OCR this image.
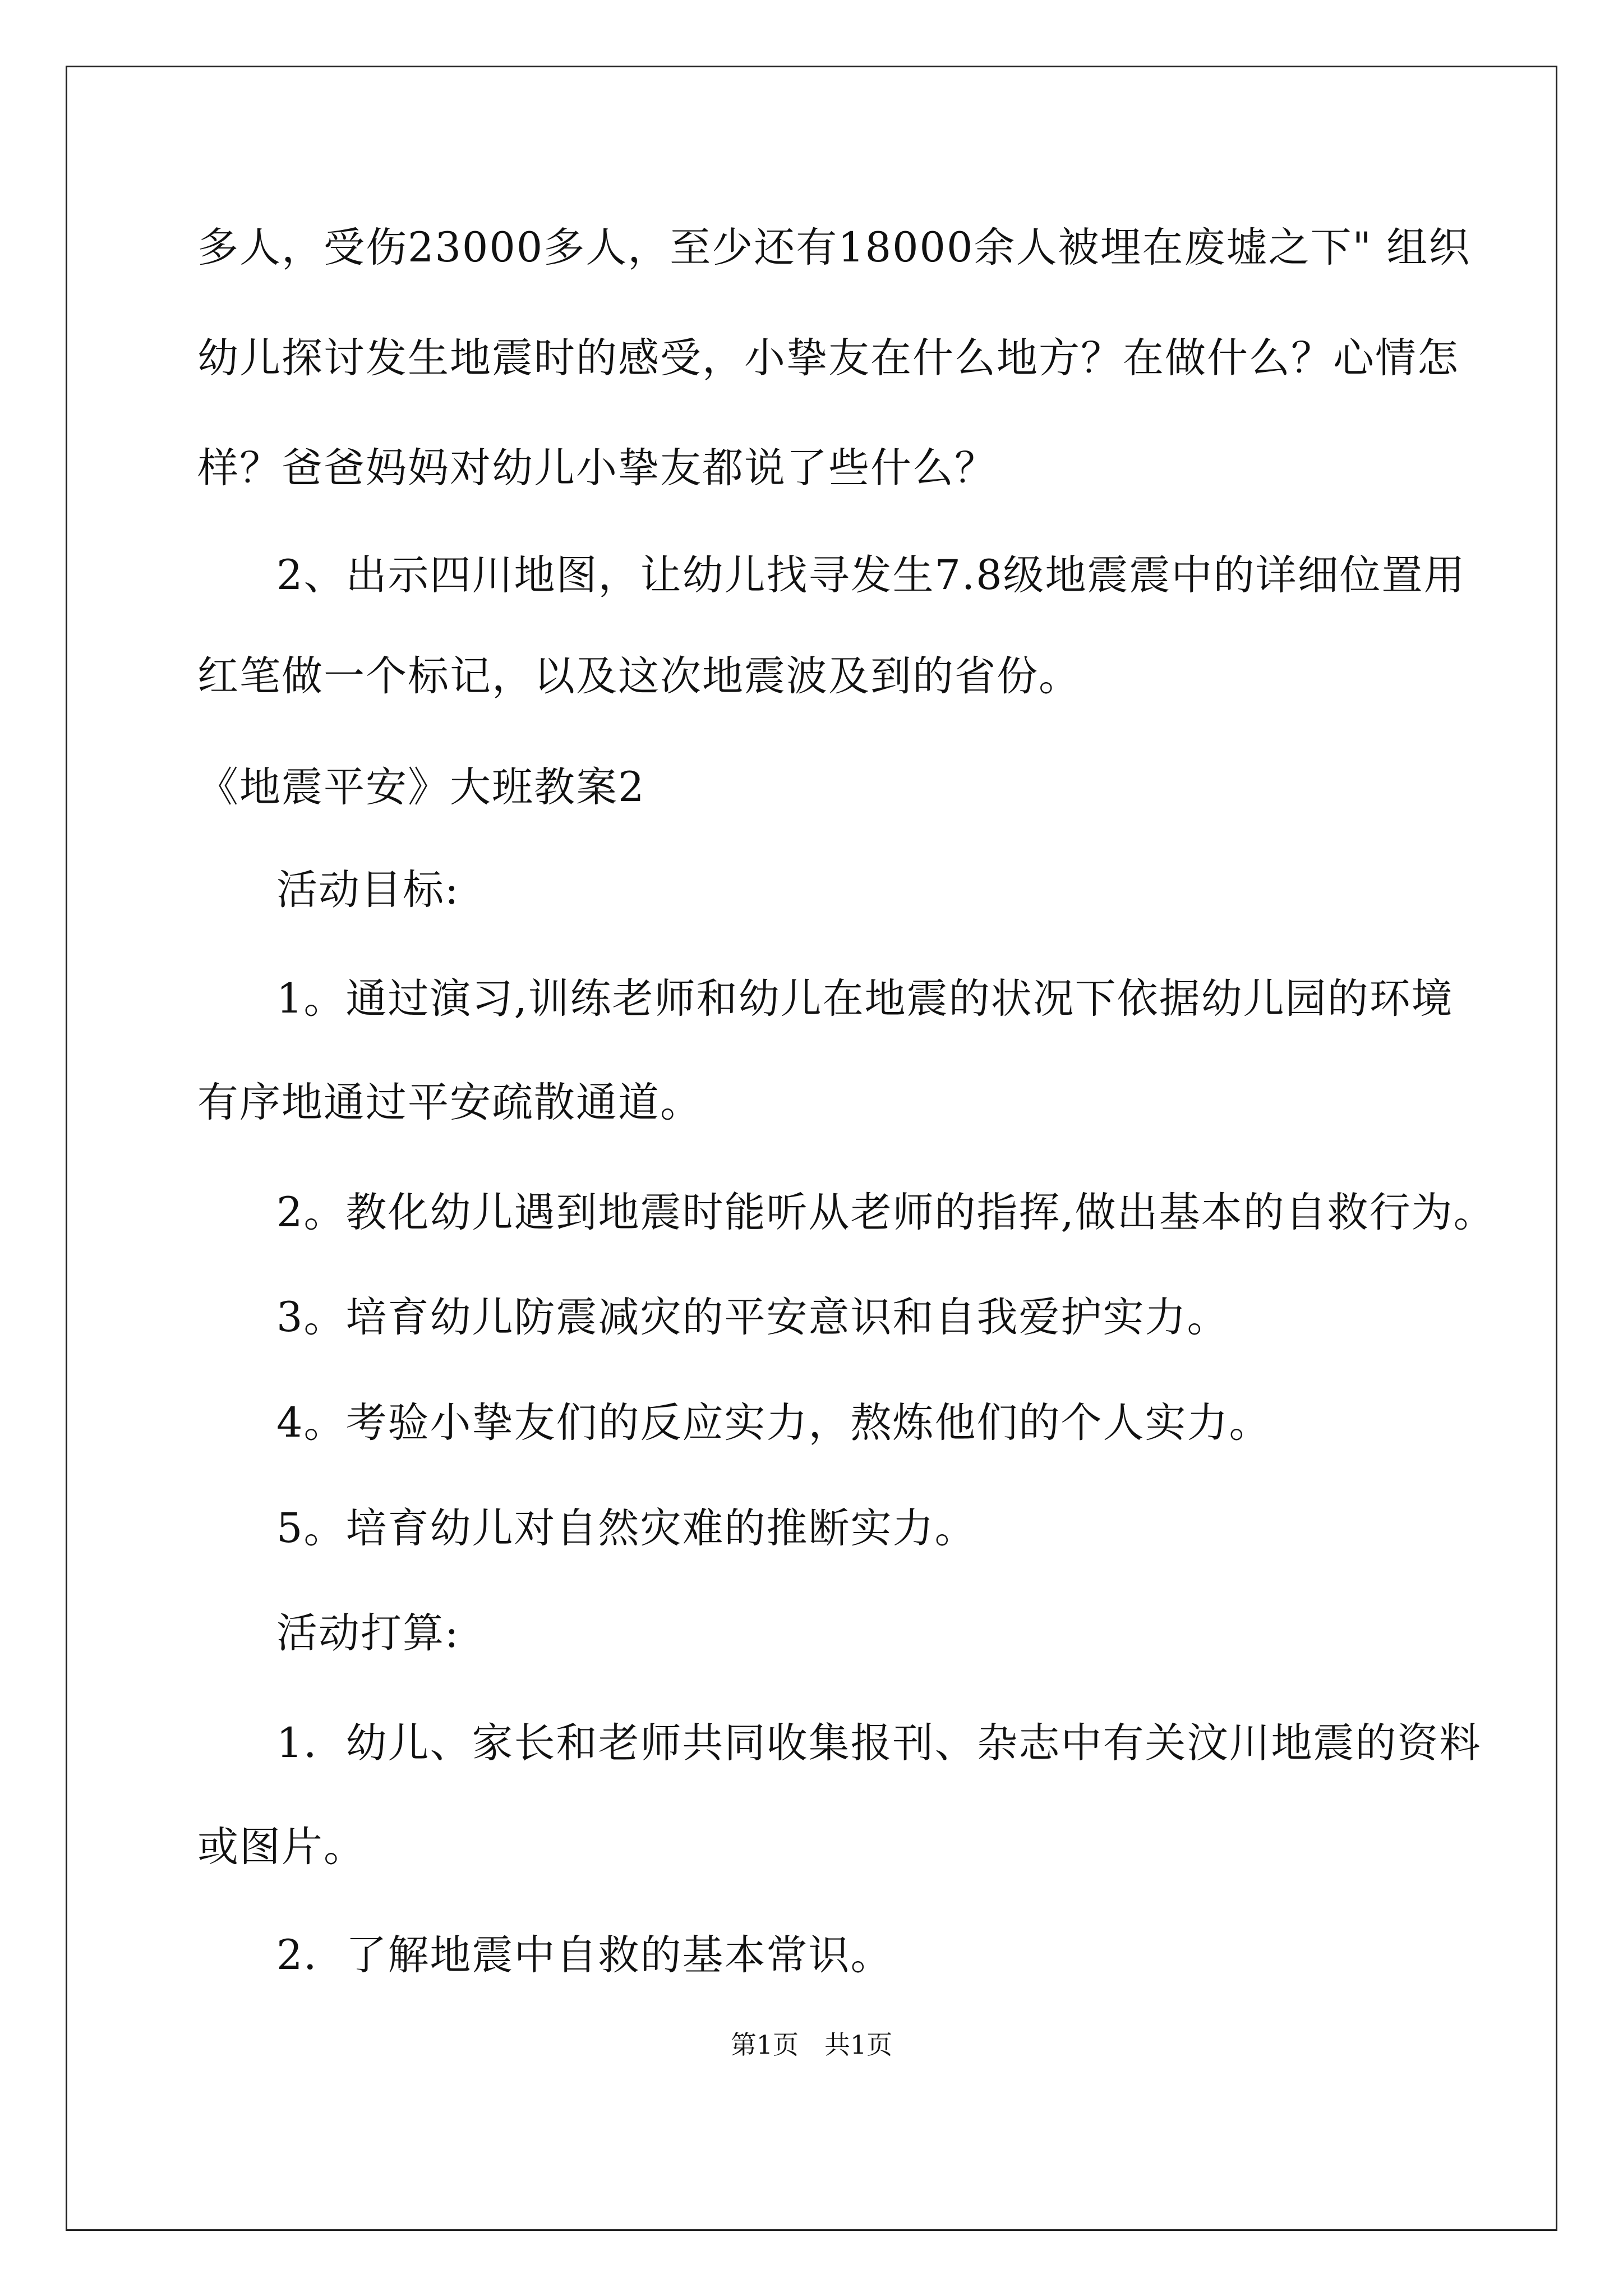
多人，受伤23000多人，至少还有18000余人被埋在废墟之下" 组织

幼儿探讨发生地震时的感受，小挚友在什么地方？在做什么？心情怎

样？爸爸妈妈对幼儿小挚友都说了些什么？

2、出示四川地图，让幼儿找寻发生7.8级地震震中的详细位置用

红笔做一个标记，以及这次地震波及到的省份。

《地震平安》大班教案2

活动目标:

1。通过演习,训练老师和幼儿在地震的状况下依据幼儿园的环境

有序地通过平安疏散通道。

2。教化幼儿遇到地震时能听从老师的指挥,做出基本的自救行为。

3。培育幼儿防震减灾的平安意识和自我爱护实力。

4。考验小挚友们的反应实力，熬炼他们的个人实力。

5。培育幼儿对自然灾难的推断实力。

活动打算:

1．幼儿、家长和老师共同收集报刊、杂志中有关汶川地震的资料

或图片。

2．了解地震中自救的基本常识。

第1页　共1页
